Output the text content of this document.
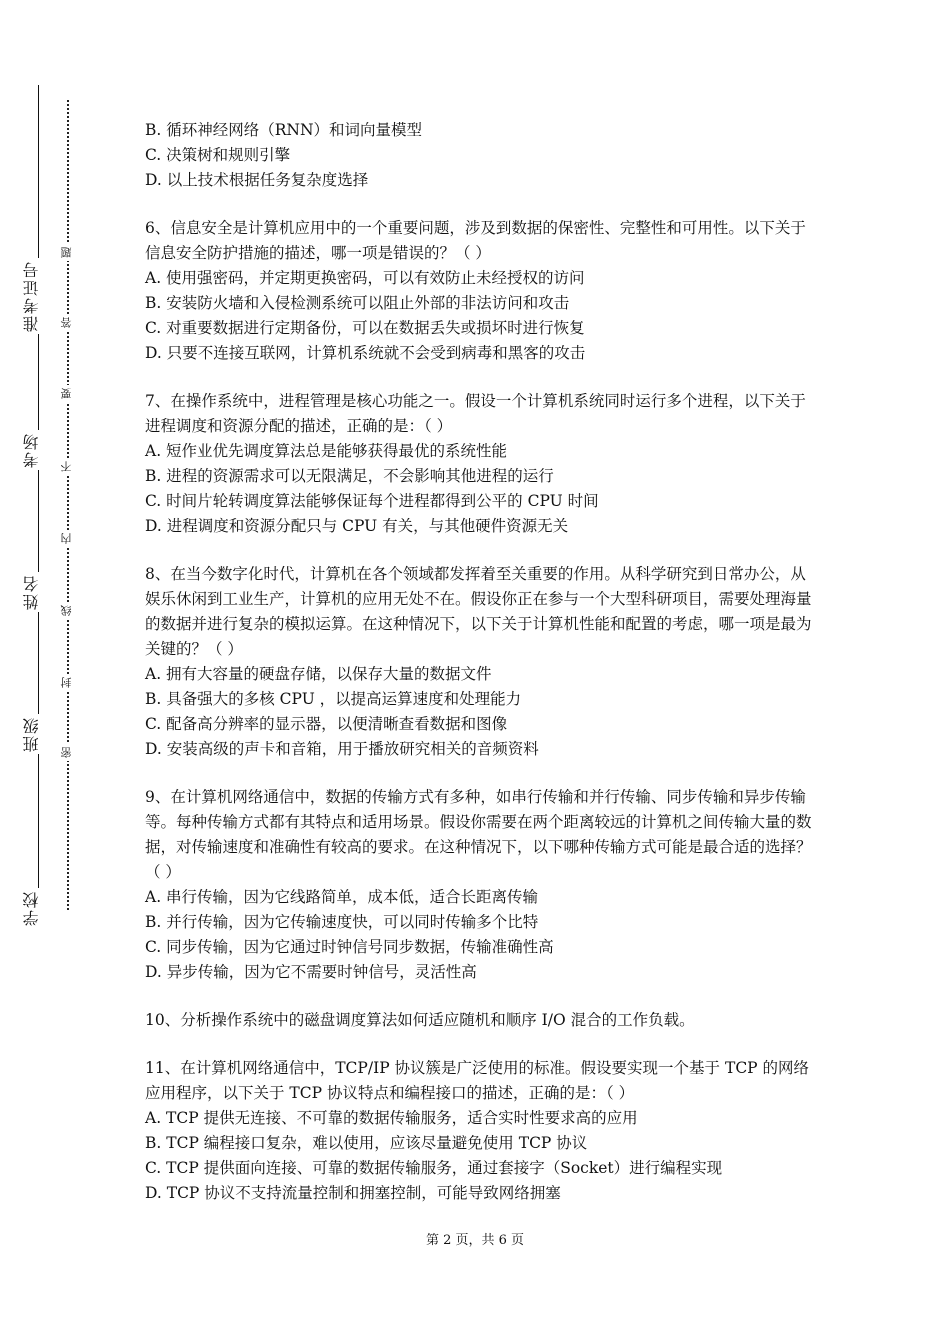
准考证号
考场
姓名
班级
学校
题
答
要
不
内
线
封
密
B. 循环神经网络（RNN）和词向量模型
C. 决策树和规则引擎
D. 以上技术根据任务复杂度选择
6、信息安全是计算机应用中的一个重要问题，涉及到数据的保密性、完整性和可用性。以下关于信息安全防护措施的描述，哪一项是错误的？（ ）
A. 使用强密码，并定期更换密码，可以有效防止未经授权的访问
B. 安装防火墙和入侵检测系统可以阻止外部的非法访问和攻击
C. 对重要数据进行定期备份，可以在数据丢失或损坏时进行恢复
D. 只要不连接互联网，计算机系统就不会受到病毒和黑客的攻击
7、在操作系统中，进程管理是核心功能之一。假设一个计算机系统同时运行多个进程，以下关于进程调度和资源分配的描述，正确的是：（ ）
A. 短作业优先调度算法总是能够获得最优的系统性能
B. 进程的资源需求可以无限满足，不会影响其他进程的运行
C. 时间片轮转调度算法能够保证每个进程都得到公平的 CPU 时间
D. 进程调度和资源分配只与 CPU 有关，与其他硬件资源无关
8、在当今数字化时代，计算机在各个领域都发挥着至关重要的作用。从科学研究到日常办公，从娱乐休闲到工业生产，计算机的应用无处不在。假设你正在参与一个大型科研项目，需要处理海量的数据并进行复杂的模拟运算。在这种情况下，以下关于计算机性能和配置的考虑，哪一项是最为关键的？（ ）
A. 拥有大容量的硬盘存储，以保存大量的数据文件
B. 具备强大的多核 CPU ，以提高运算速度和处理能力
C. 配备高分辨率的显示器，以便清晰查看数据和图像
D. 安装高级的声卡和音箱，用于播放研究相关的音频资料
9、在计算机网络通信中，数据的传输方式有多种，如串行传输和并行传输、同步传输和异步传输等。每种传输方式都有其特点和适用场景。假设你需要在两个距离较远的计算机之间传输大量的数据，对传输速度和准确性有较高的要求。在这种情况下，以下哪种传输方式可能是最合适的选择？（ ）
A. 串行传输，因为它线路简单，成本低，适合长距离传输
B. 并行传输，因为它传输速度快，可以同时传输多个比特
C. 同步传输，因为它通过时钟信号同步数据，传输准确性高
D. 异步传输，因为它不需要时钟信号，灵活性高
10、分析操作系统中的磁盘调度算法如何适应随机和顺序 I/O 混合的工作负载。
11、在计算机网络通信中，TCP/IP 协议簇是广泛使用的标准。假设要实现一个基于 TCP 的网络应用程序，以下关于 TCP 协议特点和编程接口的描述，正确的是：（ ）
A. TCP 提供无连接、不可靠的数据传输服务，适合实时性要求高的应用
B. TCP 编程接口复杂，难以使用，应该尽量避免使用 TCP 协议
C. TCP 提供面向连接、可靠的数据传输服务，通过套接字（Socket）进行编程实现
D. TCP 协议不支持流量控制和拥塞控制，可能导致网络拥塞
第 2 页，共 6 页
